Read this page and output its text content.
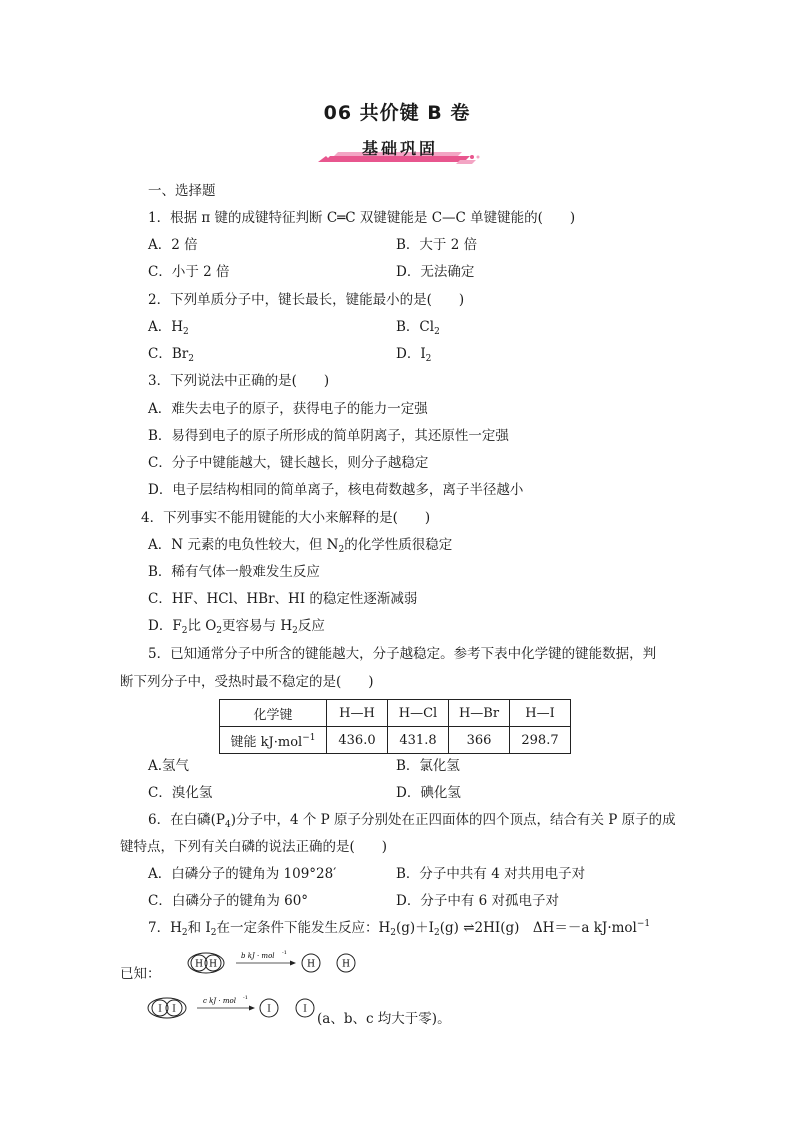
06 共价键 B 卷
基础巩固
一、选择题
1．根据 π 键的成键特征判断 C═C 双键键能是 C—C 单键键能的(　　)
A．2 倍	B．大于 2 倍
C．小于 2 倍	D．无法确定
2．下列单质分子中，键长最长，键能最小的是(　　)
A．$H_2$	B．$Cl_2$
C．$Br_2$	D．$I_2$
3．下列说法中正确的是(　　)
A．难失去电子的原子，获得电子的能力一定强
B．易得到电子的原子所形成的简单阴离子，其还原性一定强
C．分子中键能越大，键长越长，则分子越稳定
D．电子层结构相同的简单离子，核电荷数越多，离子半径越小
4．下列事实不能用键能的大小来解释的是(　　)
A．N 元素的电负性较大，但 $N_2$的化学性质很稳定
B．稀有气体一般难发生反应
C．HF、HCl、HBr、HI 的稳定性逐渐减弱
D．$F_2$比 $O_2$更容易与 $H_2$反应
5．已知通常分子中所含的键能越大，分子越稳定。参考下表中化学键的键能数据，判
断下列分子中，受热时最不稳定的是(　　)
化学键	H—H	H—Cl	H—Br	H—I
键能 kJ·mol$^{-1}$	436.0	431.8	366	298.7
A.氢气	B．氯化氢
C．溴化氢	D．碘化氢
6．在白磷$(P_4)$分子中，4 个 P 原子分别处在正四面体的四个顶点，结合有关 P 原子的成
键特点，下列有关白磷的说法正确的是(　　)
A．白磷分子的键角为 109°28′	B．分子中共有 4 对共用电子对
C．白磷分子的键角为 60°	D．分子中有 6 对孤电子对
7．$H_2$和 $I_2$在一定条件下能发生反应：$H_2(g)+I_2(g)$ ⇌2HI(g)　ΔH＝－a kJ·mol$^{-1}$
已知：
H H
b kJ · mol -1
H	H
I I
c kJ · mol -1
I	I
(a、b、c 均大于零)。
